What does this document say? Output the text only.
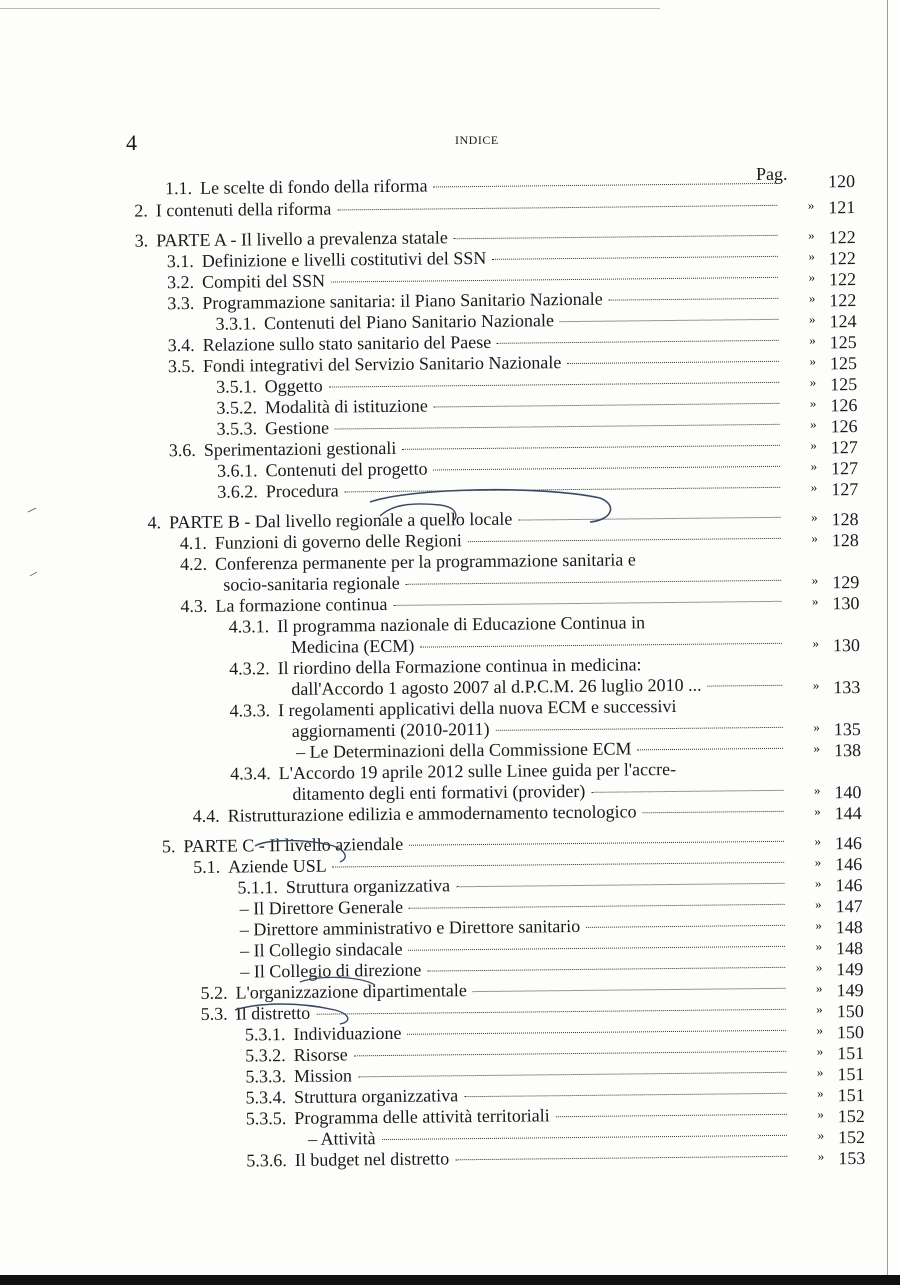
4	INDICE
Pag.
1.1. Le scelte di fondo della riforma	120
2. I contenuti della riforma	» 121
3. PARTE A - Il livello a prevalenza statale	» 122
3.1. Definizione e livelli costitutivi del SSN	» 122
3.2. Compiti del SSN	» 122
3.3. Programmazione sanitaria: il Piano Sanitario Nazionale	» 122
3.3.1. Contenuti del Piano Sanitario Nazionale	» 124
3.4. Relazione sullo stato sanitario del Paese	» 125
3.5. Fondi integrativi del Servizio Sanitario Nazionale	» 125
3.5.1. Oggetto	» 125
3.5.2. Modalità di istituzione	» 126
3.5.3. Gestione	» 126
3.6. Sperimentazioni gestionali	» 127
3.6.1. Contenuti del progetto	» 127
3.6.2. Procedura	» 127
4. PARTE B - Dal livello regionale a quello locale	» 128
4.1. Funzioni di governo delle Regioni	» 128
4.2. Conferenza permanente per la programmazione sanitaria e
socio-sanitaria regionale	» 129
4.3. La formazione continua	» 130
4.3.1. Il programma nazionale di Educazione Continua in
Medicina (ECM)	» 130
4.3.2. Il riordino della Formazione continua in medicina:
dall'Accordo 1 agosto 2007 al d.P.C.M. 26 luglio 2010 ...	» 133
4.3.3. I regolamenti applicativi della nuova ECM e successivi
aggiornamenti (2010-2011)	» 135
– Le Determinazioni della Commissione ECM	» 138
4.3.4. L'Accordo 19 aprile 2012 sulle Linee guida per l'accre-
ditamento degli enti formativi (provider)	» 140
4.4. Ristrutturazione edilizia e ammodernamento tecnologico	» 144
5. PARTE C - Il livello aziendale	» 146
5.1. Aziende USL	» 146
5.1.1. Struttura organizzativa	» 146
– Il Direttore Generale	» 147
– Direttore amministrativo e Direttore sanitario	» 148
– Il Collegio sindacale	» 148
– Il Collegio di direzione	» 149
5.2. L'organizzazione dipartimentale	» 149
5.3. Il distretto	» 150
5.3.1. Individuazione	» 150
5.3.2. Risorse	» 151
5.3.3. Mission	» 151
5.3.4. Struttura organizzativa	» 151
5.3.5. Programma delle attività territoriali	» 152
– Attività	» 152
5.3.6. Il budget nel distretto	» 153
